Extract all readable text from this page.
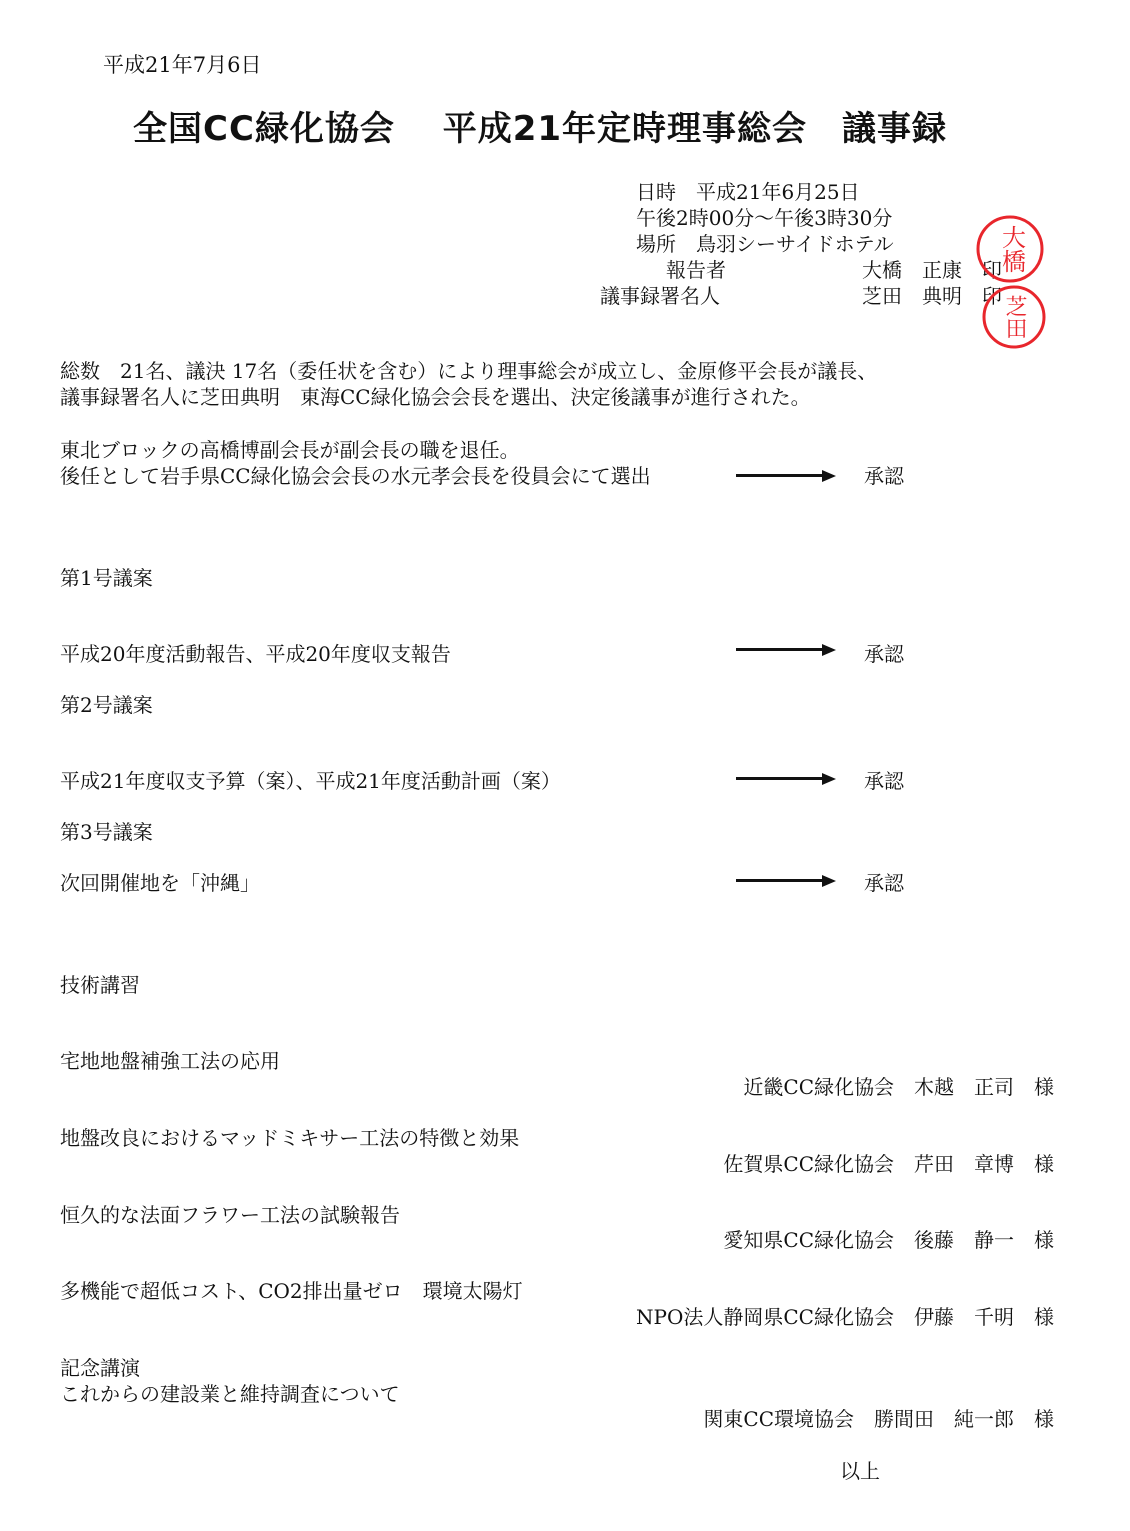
平成21年7月6日
全国CC緑化協会　 平成21年定時理事総会　議事録
日時　平成21年6月25日
午後2時00分～午後3時30分
場所　鳥羽シーサイドホテル
報告者	大橋　正康　印
議事録署名人	芝田　典明　印
大橋
芝田
総数　21名、議決 17名（委任状を含む）により理事総会が成立し、金原修平会長が議長、
議事録署名人に芝田典明　東海CC緑化協会会長を選出、決定後議事が進行された。
東北ブロックの高橋博副会長が副会長の職を退任。
後任として岩手県CC緑化協会会長の水元孝会長を役員会にて選出	承認
第1号議案
平成20年度活動報告、平成20年度収支報告	承認
第2号議案
平成21年度収支予算（案）、平成21年度活動計画（案）	承認
第3号議案
次回開催地を「沖縄」	承認
技術講習
宅地地盤補強工法の応用
近畿CC緑化協会　木越　正司　様
地盤改良におけるマッドミキサー工法の特徴と効果
佐賀県CC緑化協会　芹田　章博　様
恒久的な法面フラワー工法の試験報告
愛知県CC緑化協会　後藤　静一　様
多機能で超低コスト、CO2排出量ゼロ　環境太陽灯
NPO法人静岡県CC緑化協会　伊藤　千明　様
記念講演
これからの建設業と維持調査について
関東CC環境協会　勝間田　純一郎　様
以上
